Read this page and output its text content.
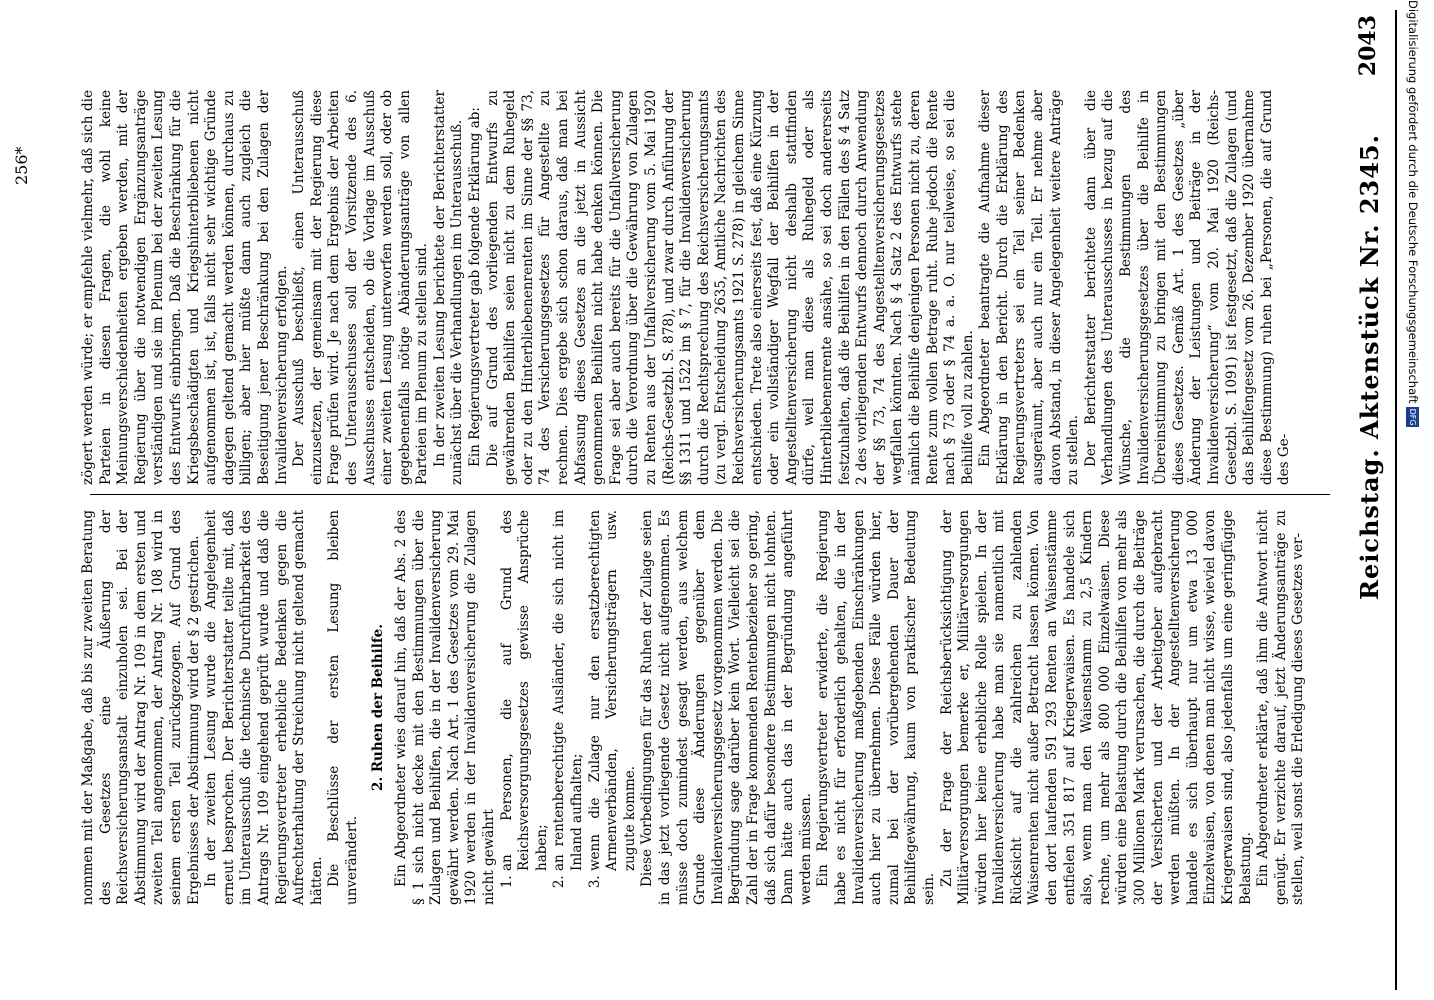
Reichstag. Aktenstück Nr. 2345.
2043

nommen mit der Maßgabe, daß bis zur zweiten Beratung des Gesetzes eine Äußerung der Reichsversicherungsanstalt einzuholen sei. Bei der Abstimmung wird der Antrag Nr. 109 in dem ersten und zweiten Teil angenommen, der Antrag Nr. 108 wird in seinem ersten Teil zurückgezogen. Auf Grund des Ergebnisses der Abstimmung wird der § 2 gestrichen. In der zweiten Lesung wurde die Angelegenheit erneut besprochen. Der Berichterstatter teilte mit, daß im Unterausschuß die technische Durchführbarkeit des Antrags Nr. 109 eingehend geprüft wurde und daß die Regierungsvertreter erhebliche Bedenken gegen die Aufrechterhaltung der Streichung nicht geltend gemacht hätten. Die Beschlüsse der ersten Lesung bleiben unverändert.

2. Ruhen der Beihilfe. Ein Abgeordneter wies darauf hin, daß der Abs. 2 des § 1 sich nicht decke mit den Bestimmungen über die Zulagen und Beihilfen, die in der Invalidenversicherung gewährt werden. Nach Art. 1 des Gesetzes vom 29. Mai 1920 werden in der Invalidenversicherung die Zulagen nicht gewährt 1. an Personen, die auf Grund des Reichsversorgungsgesetzes gewisse Ansprüche haben; 2. an rentenberechtigte Ausländer, die sich nicht im Inland aufhalten; 3. wenn die Zulage nur den ersatzberechtigten Armenverbänden, Versicherungsträgern usw. zugute komme. Diese Vorbedingungen für das Ruhen der Zulage seien in das jetzt vorliegende Gesetz nicht aufgenommen. Es müsse doch zumindest gesagt werden, aus welchem Grunde diese Änderungen gegenüber dem Invalidenversicherungsgesetz vorgenommen werden. Die Begründung sage darüber kein Wort. Vielleicht sei die Zahl der in Frage kommenden Rentenbezieher so gering, daß sich dafür besondere Bestimmungen nicht lohnten. Dann hätte auch das in der Begründung angeführt werden müssen. Ein Regierungsvertreter erwiderte, die Regierung habe es nicht für erforderlich gehalten, die in der Invalidenversicherung maßgebenden Einschränkungen auch hier zu übernehmen. Diese Fälle würden hier, zumal bei der vorübergehenden Dauer der Beihilfegewährung, kaum von praktischer Bedeutung sein.

Zu der Frage der Reichsberücksichtigung der Militärversorgungen bemerke er, Militärversorgungen würden hier keine erhebliche Rolle spielen. In der Invalidenversicherung habe man sie namentlich mit Rücksicht auf die zahlreichen zu zahlenden Waisenrenten nicht außer Betracht lassen können. Von den dort laufenden 591 293 Renten an Waisenstämme entfielen 351 817 auf Kriegerwaisen. Es handele sich also, wenn man den Waisenstamm zu 2,5 Kindern rechne, um mehr als 800 000 Einzelwaisen. Diese würden eine Belastung durch die Beihilfen von mehr als 300 Millionen Mark verursachen, die durch die Beiträge der Versicherten und der Arbeitgeber aufgebracht werden müßten. In der Angestelltenversicherung handele es sich überhaupt nur um etwa 13 000 Einzelwaisen, von denen man nicht wisse, wieviel davon Kriegerwaisen sind, also jedenfalls um eine geringfügige Belastung. Ein Abgeordneter erklärte, daß ihm die Antwort nicht genügt. Er verzichte darauf, jetzt Änderungsanträge zu stellen, weil sonst die Erledigung dieses Gesetzes ver-

zögert werden würde; er empfehle vielmehr, daß sich die Parteien in diesen Fragen, die wohl keine Meinungsverschiedenheiten ergeben werden, mit der Regierung über die notwendigen Ergänzungsanträge verständigen und sie im Plenum bei der zweiten Lesung des Entwurfs einbringen. Daß die Beschränkung für die Kriegsbeschädigten und Kriegshinterbliebenen nicht aufgenommen ist, ist, falls nicht sehr wichtige Gründe dagegen geltend gemacht werden können, durchaus zu billigen; aber hier müßte dann auch zugleich die Beseitigung jener Beschränkung bei den Zulagen der Invalidenversicherung erfolgen. Der Ausschuß beschließt, einen Unterausschuß einzusetzen, der gemeinsam mit der Regierung diese Frage prüfen wird. Je nach dem Ergebnis der Arbeiten des Unterausschusses soll der Vorsitzende des 6. Ausschusses entscheiden, ob die Vorlage im Ausschuß einer zweiten Lesung unterworfen werden soll, oder ob gegebenenfalls nötige Abänderungsanträge von allen Parteien im Plenum zu stellen sind. In der zweiten Lesung berichtete der Berichterstatter zunächst über die Verhandlungen im Unterausschuß. Ein Regierungsvertreter gab folgende Erklärung ab: Die auf Grund des vorliegenden Entwurfs zu gewährenden Beihilfen seien nicht zu dem Ruhegeld oder zu den Hinterbliebenenrenten im Sinne der §§ 73, 74 des Versicherungsgesetzes für Angestellte zu rechnen. Dies ergebe sich schon daraus, daß man bei Abfassung dieses Gesetzes an die jetzt in Aussicht genommenen Beihilfen nicht habe denken können. Die Frage sei aber auch bereits für die Unfallversicherung durch die Verordnung über die Gewährung von Zulagen zu Renten aus der Unfallversicherung vom 5. Mai 1920 (Reichs-Gesetzbl. S. 878), und zwar durch Anführung der §§ 1311 und 1522 im § 7, für die Invalidenversicherung durch die Rechtsprechung des Reichsversicherungsamts (zu vergl. Entscheidung 2635, Amtliche Nachrichten des Reichsversicherungsamts 1921 S. 278) in gleichem Sinne entschieden. Trete also einerseits fest, daß eine Kürzung oder ein vollständiger Wegfall der Beihilfen in der Angestelltenversicherung nicht deshalb stattfinden dürfe, weil man diese als Ruhegeld oder als Hinterbliebenenrente ansähe, so sei doch andererseits festzuhalten, daß die Beihilfen in den Fällen des § 4 Satz 2 des vorliegenden Entwurfs dennoch durch Anwendung der §§ 73, 74 des Angestelltenversicherungsgesetzes wegfallen könnten. Nach § 4 Satz 2 des Entwurfs stehe nämlich die Beihilfe denjenigen Personen nicht zu, deren Rente zum vollen Betrage ruht. Ruhe jedoch die Rente nach § 73 oder § 74 a. a. O. nur teilweise, so sei die Beihilfe voll zu zahlen. Ein Abgeordneter beantragte die Aufnahme dieser Erklärung in den Bericht. Durch die Erklärung des Regierungsvertreters sei ein Teil seiner Bedenken ausgeräumt, aber auch nur ein Teil. Er nehme aber davon Abstand, in dieser Angelegenheit weitere Anträge zu stellen. Der Berichterstatter berichtete dann über die Verhandlungen des Unterausschusses in bezug auf die Wünsche, die Bestimmungen des Invalidenversicherungsgesetzes über die Beihilfe in Übereinstimmung zu bringen mit den Bestimmungen dieses Gesetzes. Gemäß Art. 1 des Gesetzes „über Änderung der Leistungen und Beiträge in der Invalidenversicherung“ vom 20. Mai 1920 (Reichs-Gesetzbl. S. 1091) ist festgesetzt, daß die Zulagen (und das Beihilfengesetz vom 26. Dezember 1920 übernahme diese Bestimmung) ruhen bei „Personen, die auf Grund des Ge-

256*	Digitalisierung gefördert durch die Deutsche Forschungsgemeinschaft DFG
